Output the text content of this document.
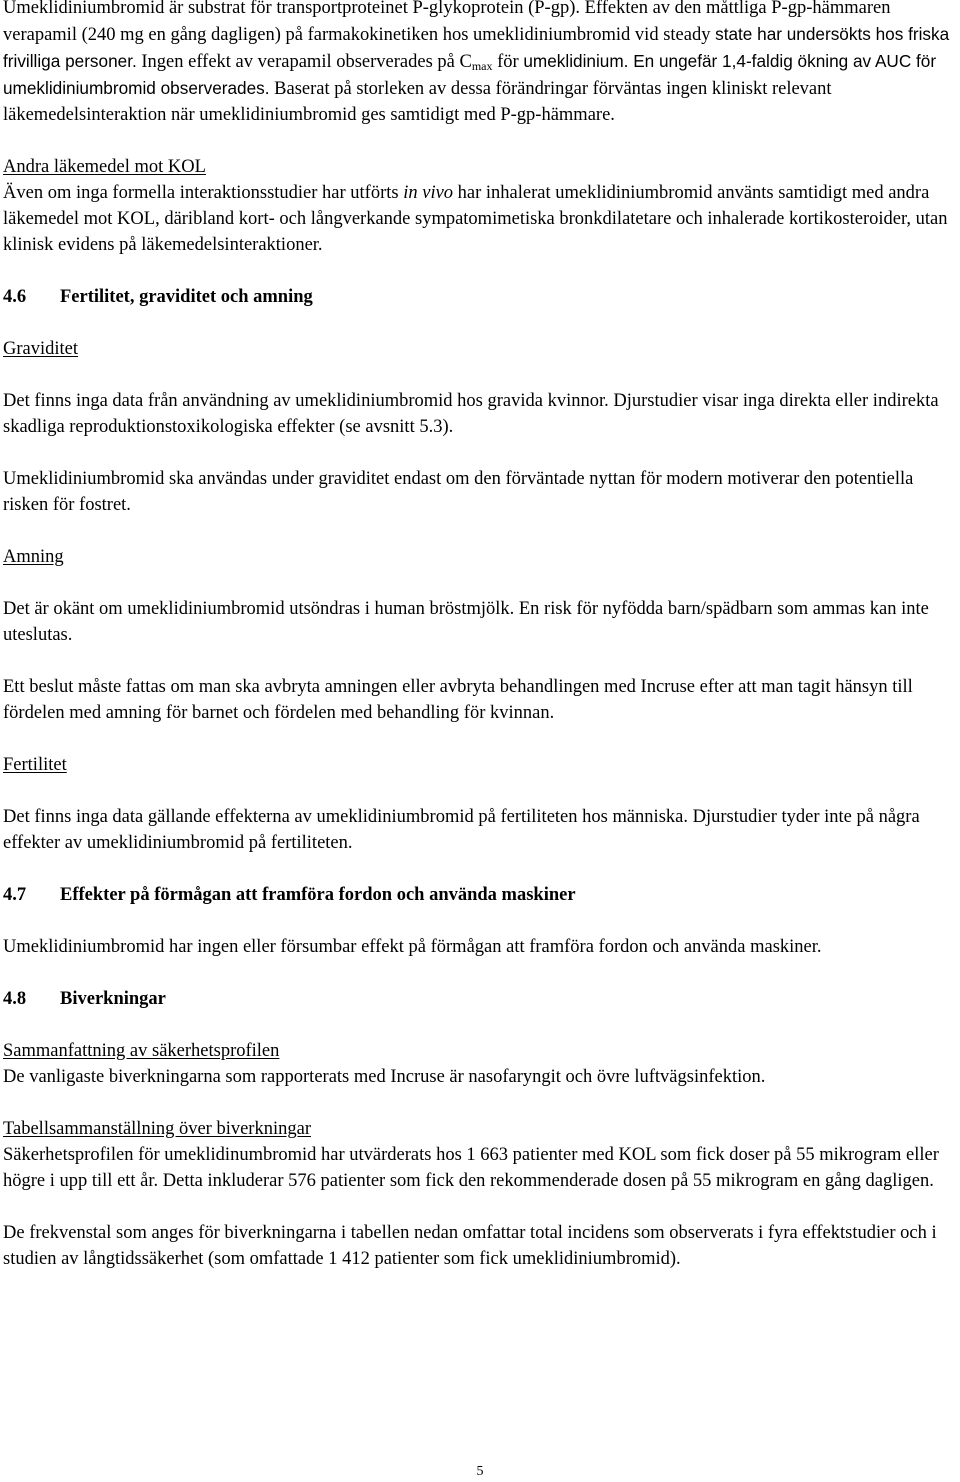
Umeklidiniumbromid är substrat för transportproteinet P-glykoprotein (P-gp). Effekten av den måttliga P-gp-hämmaren verapamil (240 mg en gång dagligen) på farmakokinetiken hos umeklidiniumbromid vid steady state har undersökts hos friska frivilliga personer. Ingen effekt av verapamil observerades på $C_{max}$ för umeklidinium. En ungefär 1,4-faldig ökning av AUC för umeklidiniumbromid observerades. Baserat på storleken av dessa förändringar förväntas ingen kliniskt relevant läkemedelsinteraktion när umeklidiniumbromid ges samtidigt med P-gp-hämmare.

Andra läkemedel mot KOL

Även om inga formella interaktionsstudier har utförts in vivo har inhalerat umeklidiniumbromid använts samtidigt med andra läkemedel mot KOL, däribland kort- och långverkande sympatomimetiska bronkdilatetare och inhalerade kortikosteroider, utan klinisk evidens på läkemedelsinteraktioner.

4.6 Fertilitet, graviditet och amning

Graviditet

Det finns inga data från användning av umeklidiniumbromid hos gravida kvinnor. Djurstudier visar inga direkta eller indirekta skadliga reproduktionstoxikologiska effekter (se avsnitt 5.3).

Umeklidiniumbromid ska användas under graviditet endast om den förväntade nyttan för modern motiverar den potentiella risken för fostret.

Amning

Det är okänt om umeklidiniumbromid utsöndras i human bröstmjölk. En risk för nyfödda barn/spädbarn som ammas kan inte uteslutas.

Ett beslut måste fattas om man ska avbryta amningen eller avbryta behandlingen med Incruse efter att man tagit hänsyn till fördelen med amning för barnet och fördelen med behandling för kvinnan.

Fertilitet

Det finns inga data gällande effekterna av umeklidiniumbromid på fertiliteten hos människa. Djurstudier tyder inte på några effekter av umeklidiniumbromid på fertiliteten.

4.7 Effekter på förmågan att framföra fordon och använda maskiner

Umeklidiniumbromid har ingen eller försumbar effekt på förmågan att framföra fordon och använda maskiner.

4.8 Biverkningar

Sammanfattning av säkerhetsprofilen

De vanligaste biverkningarna som rapporterats med Incruse är nasofaryngit och övre luftvägsinfektion.

Tabellsammanställning över biverkningar

Säkerhetsprofilen för umeklidinumbromid har utvärderats hos 1 663 patienter med KOL som fick doser på 55 mikrogram eller högre i upp till ett år. Detta inkluderar 576 patienter som fick den rekommenderade dosen på 55 mikrogram en gång dagligen.

De frekvenstal som anges för biverkningarna i tabellen nedan omfattar total incidens som observerats i fyra effektstudier och i studien av långtidssäkerhet (som omfattade 1 412 patienter som fick umeklidiniumbromid).

5
